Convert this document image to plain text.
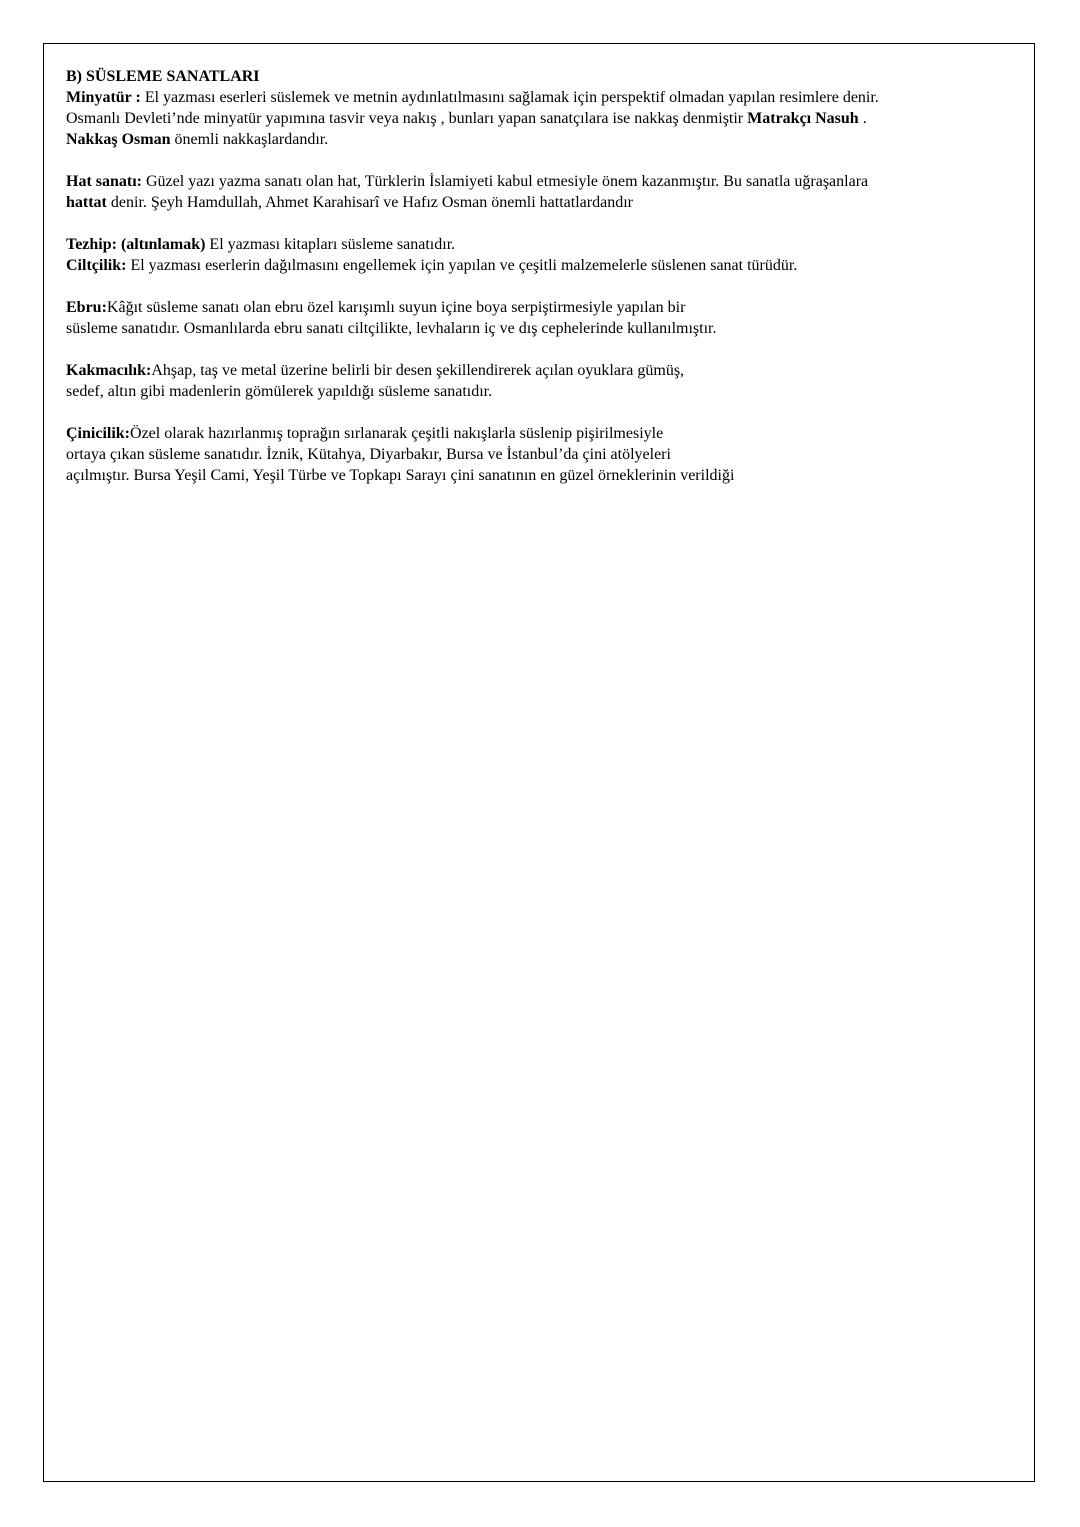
B) SÜSLEME SANATLARI
Minyatür : El yazması eserleri süslemek ve metnin aydınlatılmasını sağlamak için perspektif olmadan yapılan resimlere denir.
Osmanlı Devleti’nde minyatür yapımına tasvir veya nakış , bunları yapan sanatçılara ise nakkaş denmiştir Matrakçı Nasuh .
Nakkaş Osman önemli nakkaşlardandır.
Hat sanatı: Güzel yazı yazma sanatı olan hat, Türklerin İslamiyeti kabul etmesiyle önem kazanmıştır. Bu sanatla uğraşanlara
hattat denir. Şeyh Hamdullah, Ahmet Karahisarî ve Hafız Osman önemli hattatlardandır
Tezhip: (altınlamak) El yazması kitapları süsleme sanatıdır.
Ciltçilik: El yazması eserlerin dağılmasını engellemek için yapılan ve çeşitli malzemelerle süslenen sanat türüdür.
Ebru:Kâğıt süsleme sanatı olan ebru özel karışımlı suyun içine boya serpiştirmesiyle yapılan bir
süsleme sanatıdır. Osmanlılarda ebru sanatı ciltçilikte, levhaların iç ve dış cephelerinde kullanılmıştır.
Kakmacılık:Ahşap, taş ve metal üzerine belirli bir desen şekillendirerek açılan oyuklara gümüş,
sedef, altın gibi madenlerin gömülerek yapıldığı süsleme sanatıdır.
Çinicilik:Özel olarak hazırlanmış toprağın sırlanarak çeşitli nakışlarla süslenip pişirilmesiyle
ortaya çıkan süsleme sanatıdır. İznik, Kütahya, Diyarbakır, Bursa ve İstanbul’da çini atölyeleri
açılmıştır. Bursa Yeşil Cami, Yeşil Türbe ve Topkapı Sarayı çini sanatının en güzel örneklerinin verildiği
